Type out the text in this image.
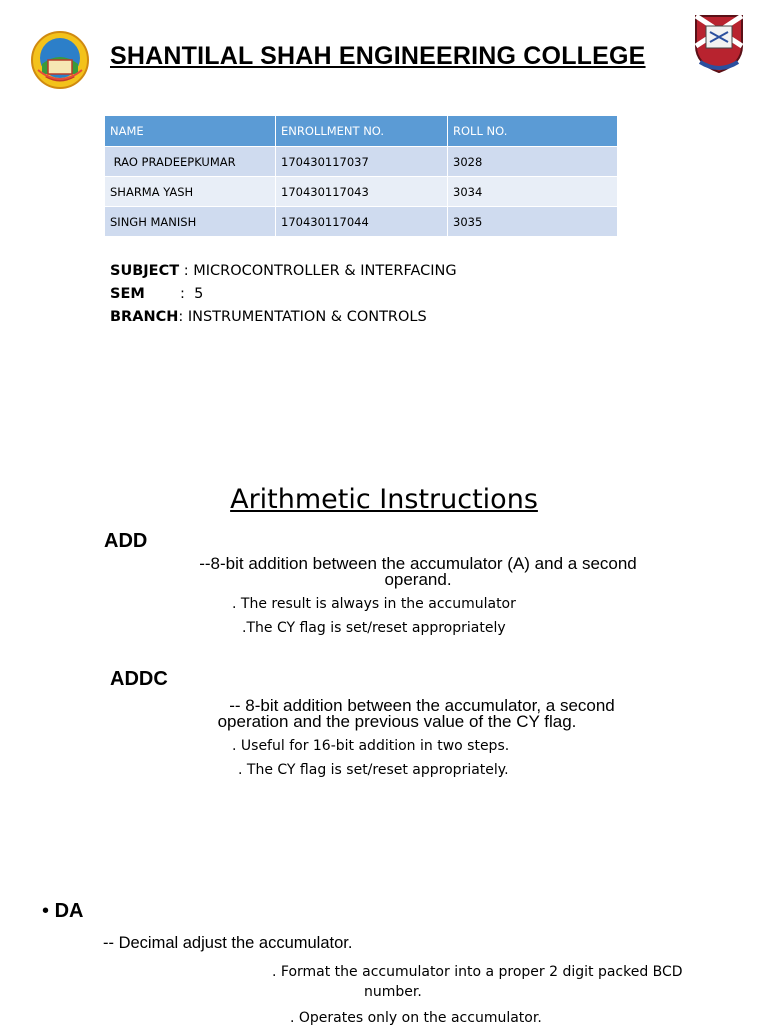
SHANTILAL SHAH ENGINEERING COLLEGE
NAME	ENROLLMENT NO.	ROLL NO.
RAO PRADEEPKUMAR	170430117037	3028
SHARMA YASH	170430117043	3034
SINGH MANISH	170430117044	3035
SUBJECT : MICROCONTROLLER & INTERFACING
SEM :  5
BRANCH: INSTRUMENTATION & CONTROLS
Arithmetic Instructions
ADD
--8-bit addition between the accumulator (A) and a second
operand.
. The result is always in the accumulator
.The CY flag is set/reset appropriately
ADDC
-- 8-bit addition between the accumulator, a second
operation and the previous value of the CY flag.
. Useful for 16-bit addition in two steps.
. The CY flag is set/reset appropriately.
• DA
-- Decimal adjust the accumulator.
. Format the accumulator into a proper 2 digit packed BCD
number.
. Operates only on the accumulator.
